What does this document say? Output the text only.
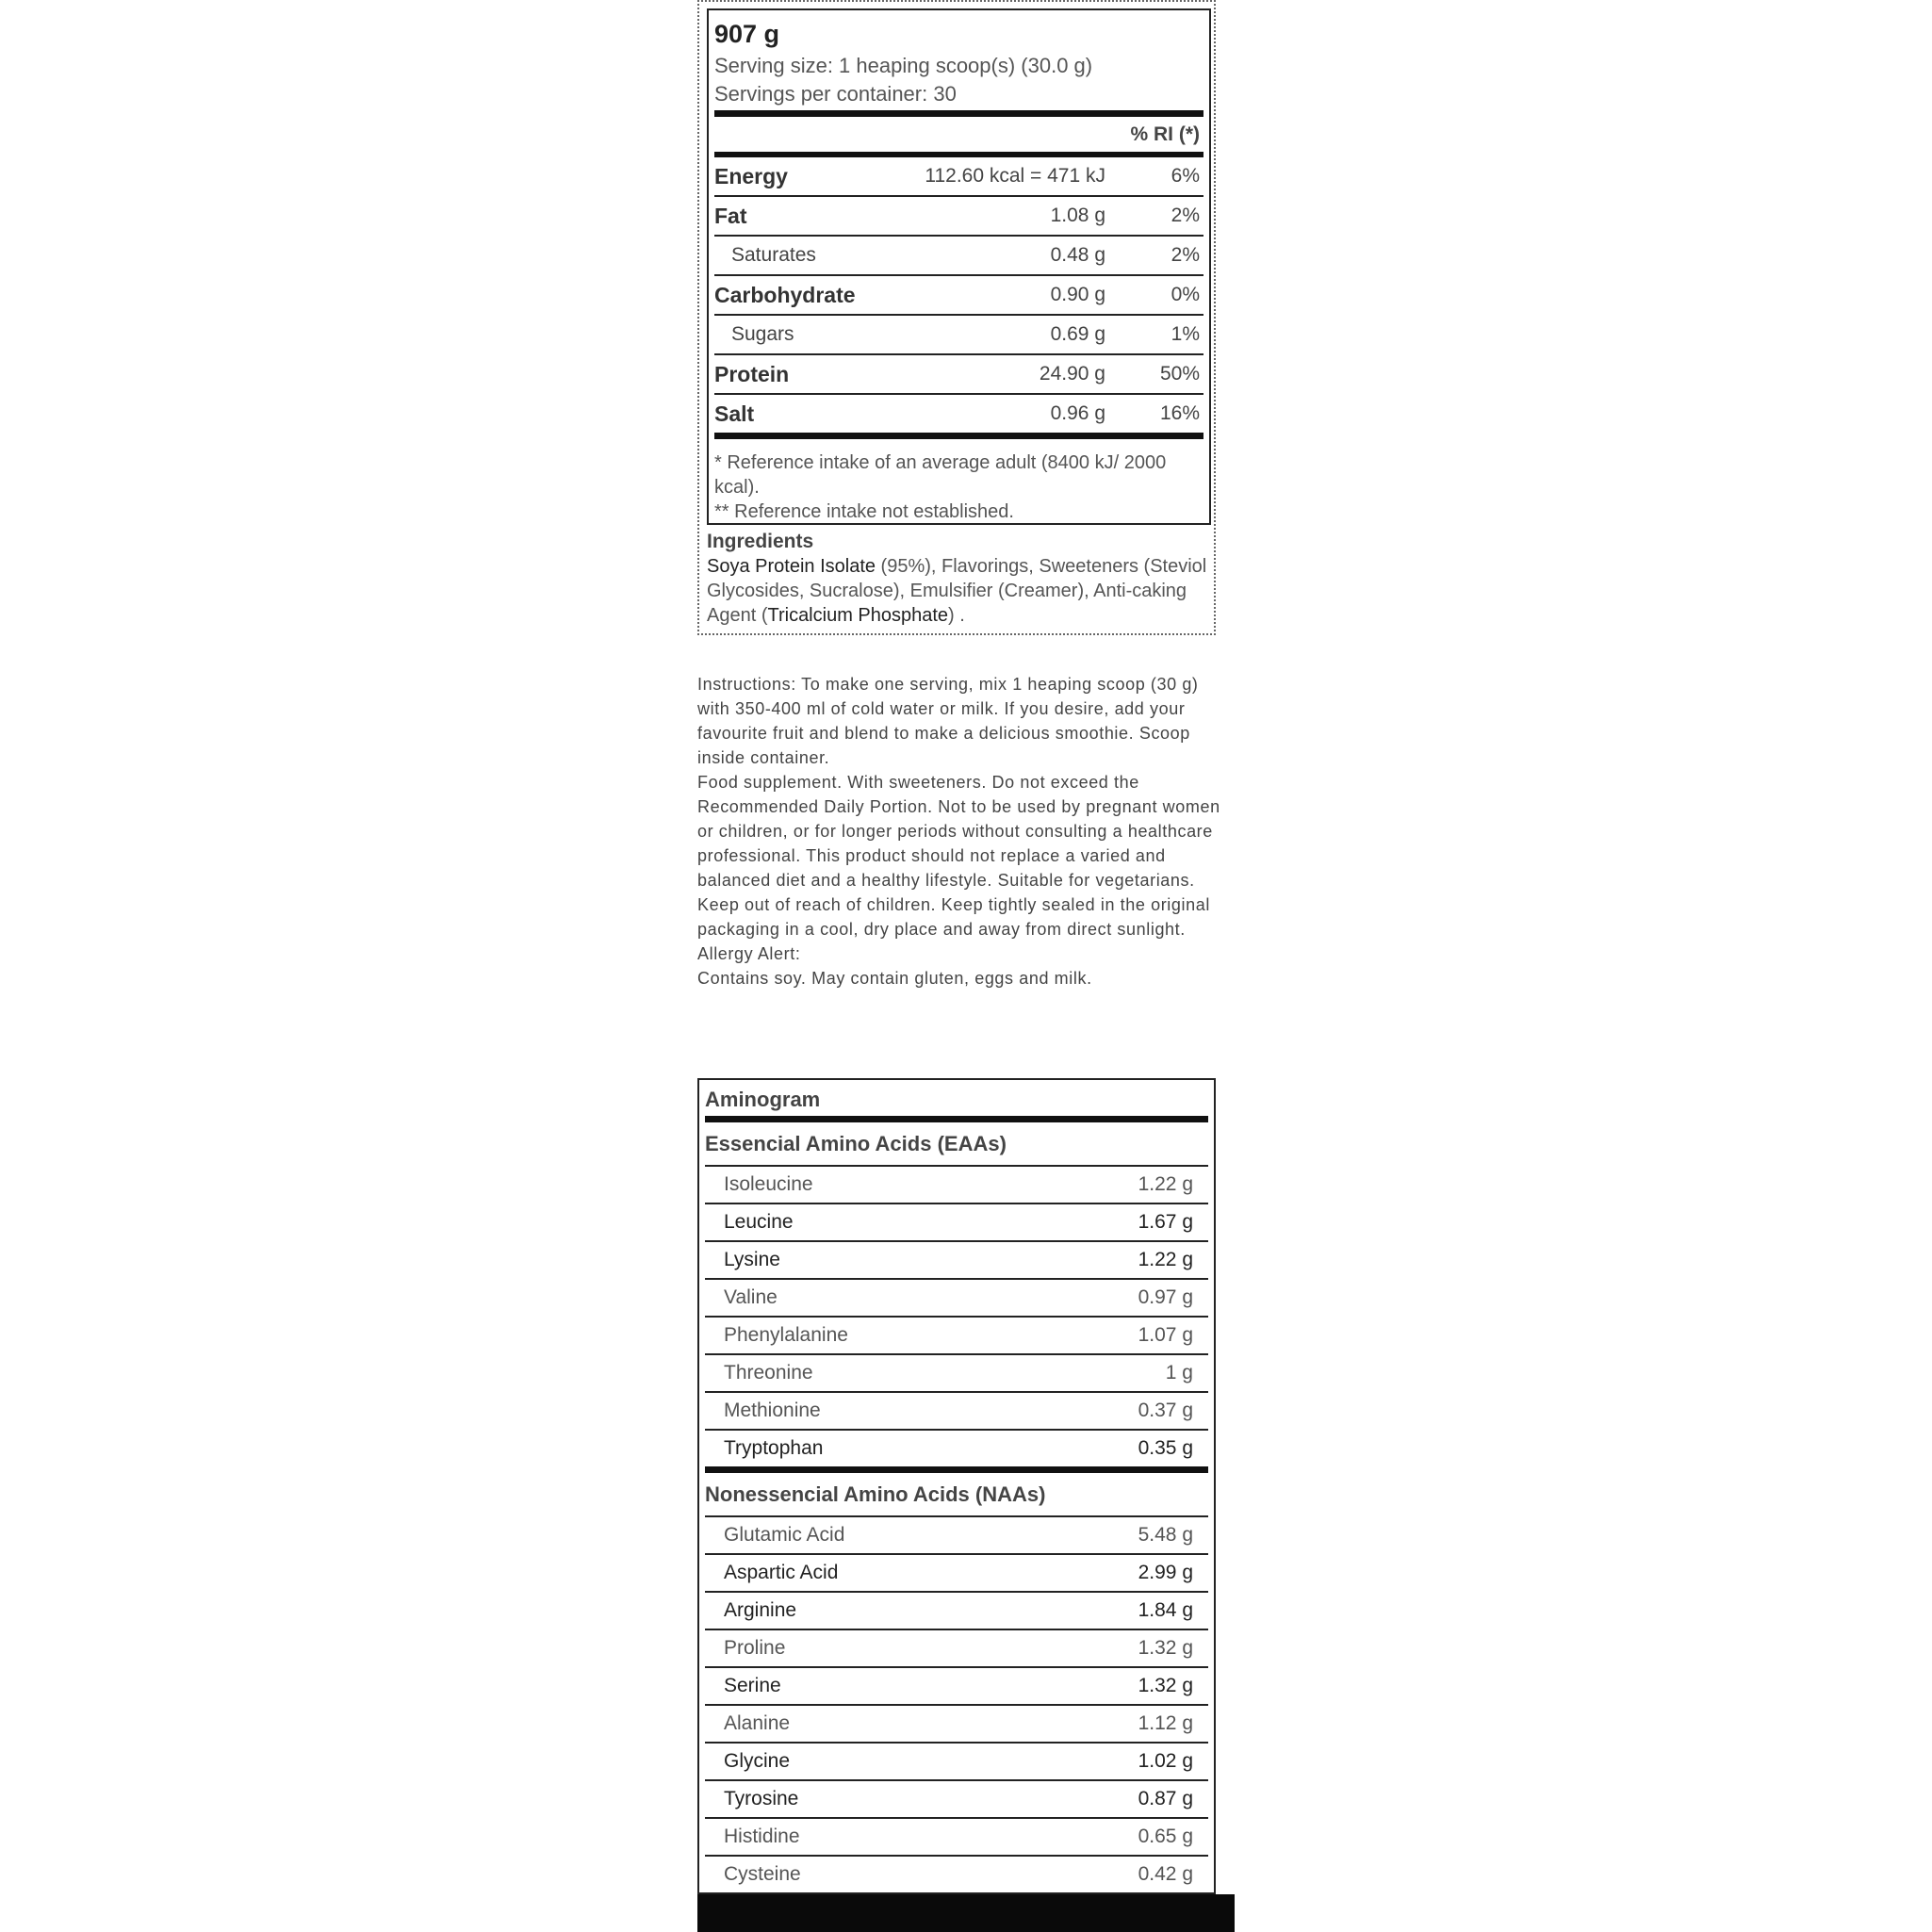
907 g
Serving size: 1 heaping scoop(s) (30.0 g)
Servings per container: 30
% RI (*)
Energy	112.60 kcal = 471 kJ	6%
Fat	1.08 g	2%
Saturates	0.48 g	2%
Carbohydrate	0.90 g	0%
Sugars	0.69 g	1%
Protein	24.90 g	50%
Salt	0.96 g	16%
* Reference intake of an average adult (8400 kJ/ 2000 kcal).
** Reference intake not established.
Ingredients
Soya Protein Isolate (95%), Flavorings, Sweeteners (Steviol Glycosides, Sucralose), Emulsifier (Creamer), Anti-caking Agent (Tricalcium Phosphate) .
Instructions: To make one serving, mix 1 heaping scoop (30 g) with 350-400 ml of cold water or milk. If you desire, add your favourite fruit and blend to make a delicious smoothie. Scoop inside container.
Food supplement. With sweeteners. Do not exceed the Recommended Daily Portion. Not to be used by pregnant women or children, or for longer periods without consulting a healthcare professional. This product should not replace a varied and balanced diet and a healthy lifestyle. Suitable for vegetarians. Keep out of reach of children. Keep tightly sealed in the original packaging in a cool, dry place and away from direct sunlight.
Allergy Alert:
Contains soy. May contain gluten, eggs and milk.
Aminogram
Essencial Amino Acids (EAAs)
Isoleucine	1.22 g
Leucine	1.67 g
Lysine	1.22 g
Valine	0.97 g
Phenylalanine	1.07 g
Threonine	1 g
Methionine	0.37 g
Tryptophan	0.35 g
Nonessencial Amino Acids (NAAs)
Glutamic Acid	5.48 g
Aspartic Acid	2.99 g
Arginine	1.84 g
Proline	1.32 g
Serine	1.32 g
Alanine	1.12 g
Glycine	1.02 g
Tyrosine	0.87 g
Histidine	0.65 g
Cysteine	0.42 g
